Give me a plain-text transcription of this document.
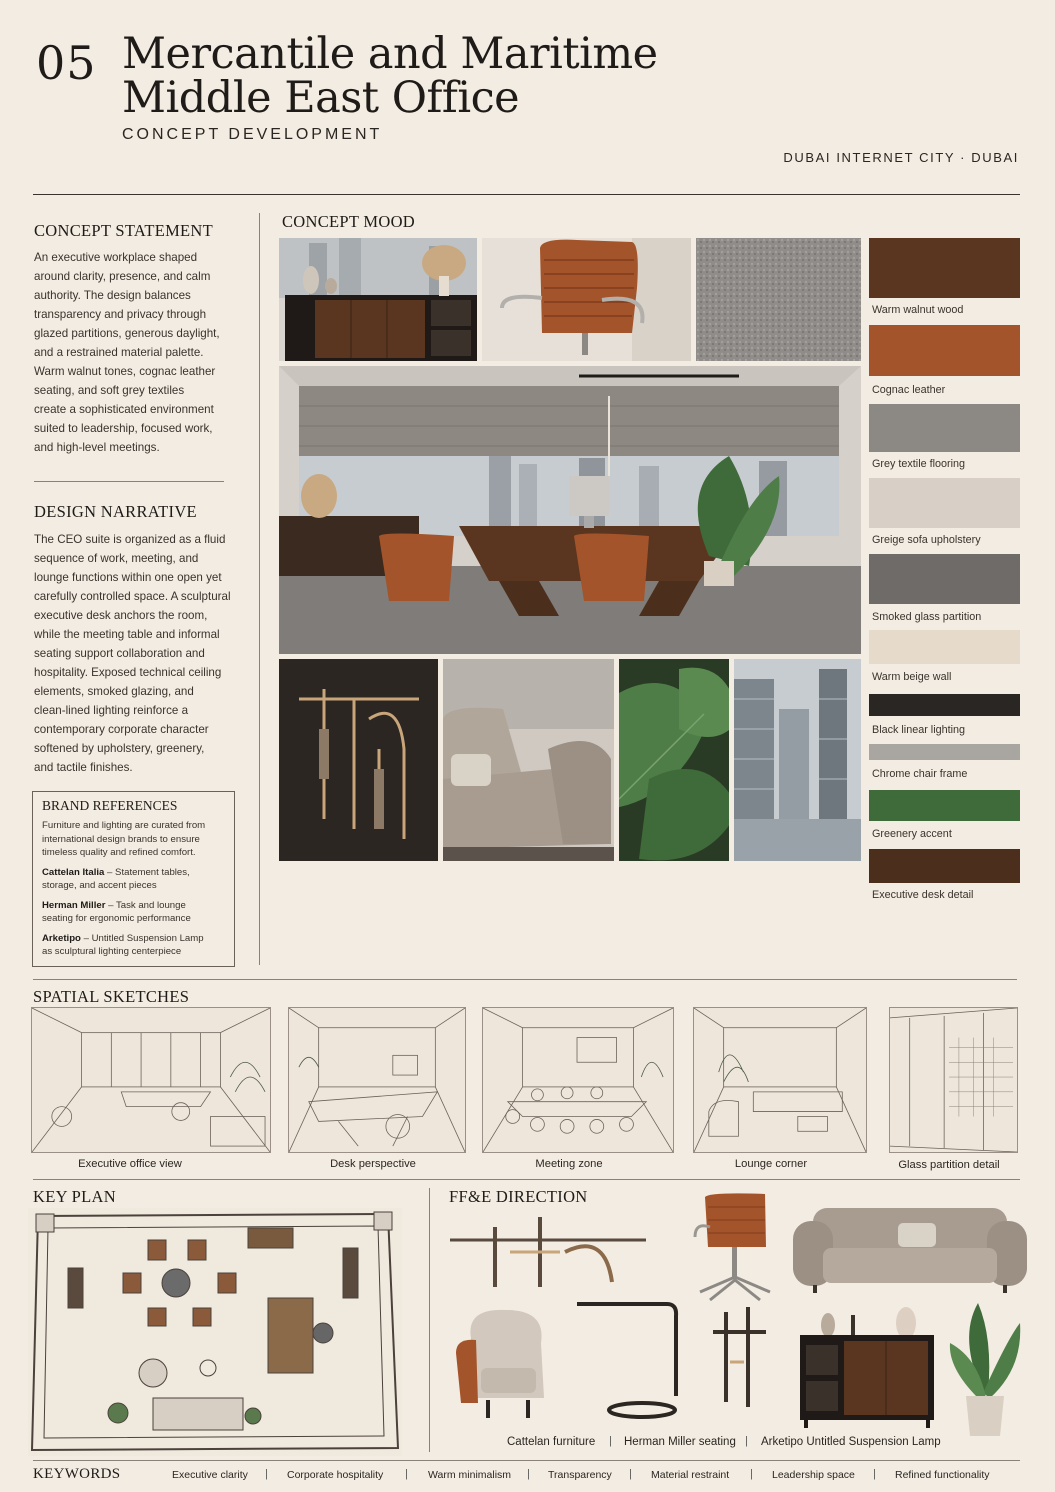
05 Mercantile and Maritime
Middle East Office
CONCEPT DEVELOPMENT
DUBAI INTERNET CITY · DUBAI
CONCEPT STATEMENT
An executive workplace shaped
around clarity, presence, and calm
authority. The design balances
transparency and privacy through
glazed partitions, generous daylight,
and a restrained material palette.
Warm walnut tones, cognac leather
seating, and soft grey textiles
create a sophisticated environment
suited to leadership, focused work,
and high-level meetings.
DESIGN NARRATIVE
The CEO suite is organized as a fluid
sequence of work, meeting, and
lounge functions within one open yet
carefully controlled space. A sculptural
executive desk anchors the room,
while the meeting table and informal
seating support collaboration and
hospitality. Exposed technical ceiling
elements, smoked glazing, and
clean-lined lighting reinforce a
contemporary corporate character
softened by upholstery, greenery,
and tactile finishes.
BRAND REFERENCES
Furniture and lighting are curated from
international design brands to ensure
timeless quality and refined comfort.
Cattelan Italia – Statement tables,
storage, and accent pieces
Herman Miller – Task and lounge
seating for ergonomic performance
Arketipo – Untitled Suspension Lamp
as sculptural lighting centerpiece
CONCEPT MOOD
Warm walnut wood
Cognac leather
Grey textile flooring
Greige sofa upholstery
Smoked glass partition
Warm beige wall
Black linear lighting
Chrome chair frame
Greenery accent
Executive desk detail
SPATIAL SKETCHES
Executive office view	Desk perspective	Meeting zone	Lounge corner	Glass partition detail
KEY PLAN	FF&E DIRECTION
Cattelan furniture | Herman Miller seating | Arketipo Untitled Suspension Lamp
KEYWORDS	Executive clarity | Corporate hospitality | Warm minimalism | Transparency | Material restraint | Leadership space | Refined functionality
